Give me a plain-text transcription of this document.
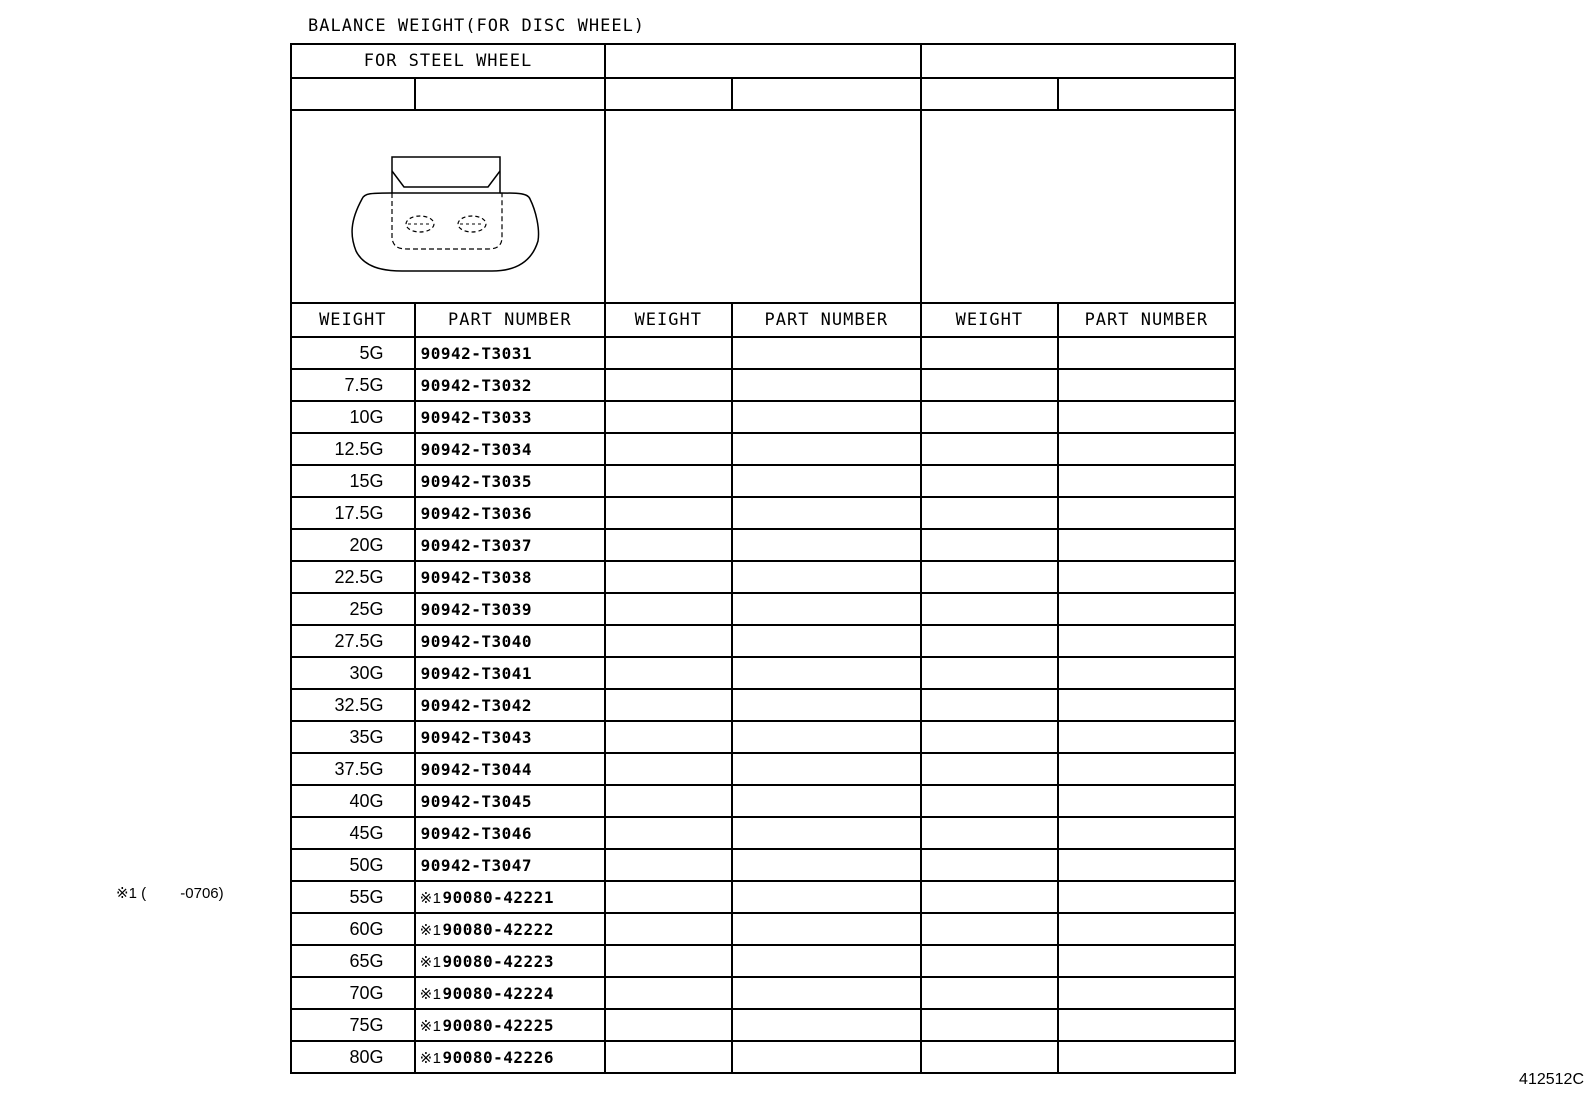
BALANCE WEIGHT(FOR DISC WHEEL)
FOR STEEL WHEEL					

WEIGHT	PART NUMBER	WEIGHT	PART NUMBER	WEIGHT	PART NUMBER
5G	90942-T3031				
7.5G	90942-T3032				
10G	90942-T3033				
12.5G	90942-T3034				
15G	90942-T3035				
17.5G	90942-T3036				
20G	90942-T3037				
22.5G	90942-T3038				
25G	90942-T3039				
27.5G	90942-T3040				
30G	90942-T3041				
32.5G	90942-T3042				
35G	90942-T3043				
37.5G	90942-T3044				
40G	90942-T3045				
45G	90942-T3046				
50G	90942-T3047				
55G	※190080-42221				
60G	※190080-42222				
65G	※190080-42223				
70G	※190080-42224				
75G	※190080-42225				
80G	※190080-42226				
※1 ( -0706)
412512C
